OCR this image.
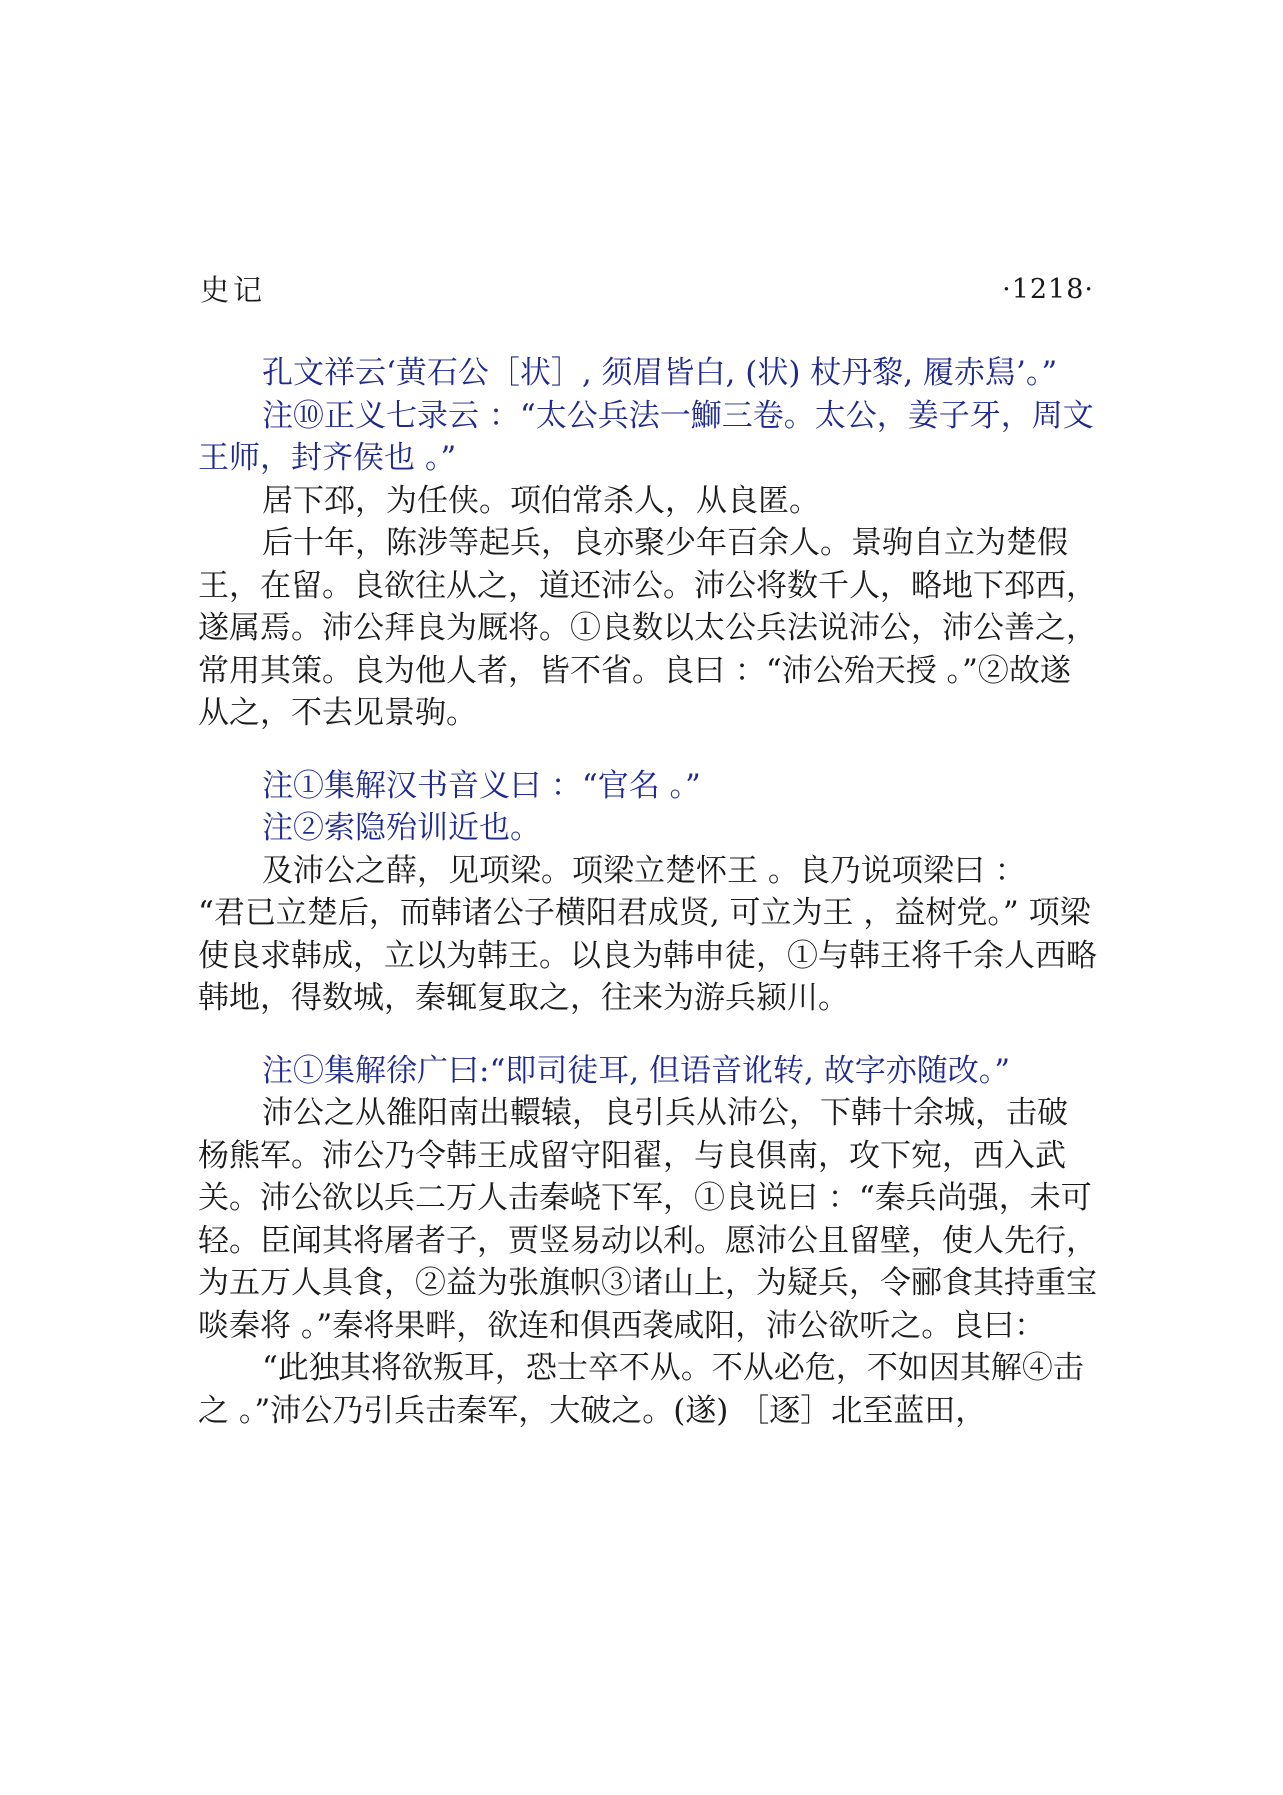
史记	·1218·

孔文祥云‘黄石公［状］, 须眉皆白, (状) 杖丹黎, 履赤舃’。”

注⑩正义七录云 ：“太公兵法一鰤三卷。太公，姜子牙，周文王师，封齐侯也 。”

居下邳，为任侠。项伯常杀人，从良匿。

后十年，陈涉等起兵，良亦聚少年百余人。景驹自立为楚假王，在留。良欲往从之，道还沛公。沛公将数千人，略地下邳西，遂属焉。沛公拜良为厩将。①良数以太公兵法说沛公，沛公善之，常用其策。良为他人者，皆不省。良曰 ：“沛公殆天授 。”②故遂从之，不去见景驹。

注①集解汉书音义曰 ：“官名 。”

注②索隐殆训近也。

及沛公之薛，见项梁。项梁立楚怀王 。良乃说项梁曰 ：

“君已立楚后，而韩诸公子横阳君成贤, 可立为王 ，益树党。” 项梁使良求韩成，立以为韩王。以良为韩申徒，①与韩王将千余人西略韩地，得数城，秦辄复取之，往来为游兵颍川。

注①集解徐广曰:“即司徒耳, 但语音讹转, 故字亦随改。”

沛公之从雒阳南出轘辕，良引兵从沛公，下韩十余城，击破杨熊军。沛公乃令韩王成留守阳翟，与良俱南，攻下宛，西入武关。沛公欲以兵二万人击秦峣下军，①良说曰 ：“秦兵尚强，未可轻。臣闻其将屠者子，贾竖易动以利。愿沛公且留壁，使人先行，为五万人具食，②益为张旗帜③诸山上，为疑兵，令郦食其持重宝啖秦将 。”秦将果畔，欲连和俱西袭咸阳，沛公欲听之。良曰：

“此独其将欲叛耳，恐士卒不从。不从必危，不如因其解④击之 。”沛公乃引兵击秦军，大破之。(遂) ［逐］北至蓝田，
